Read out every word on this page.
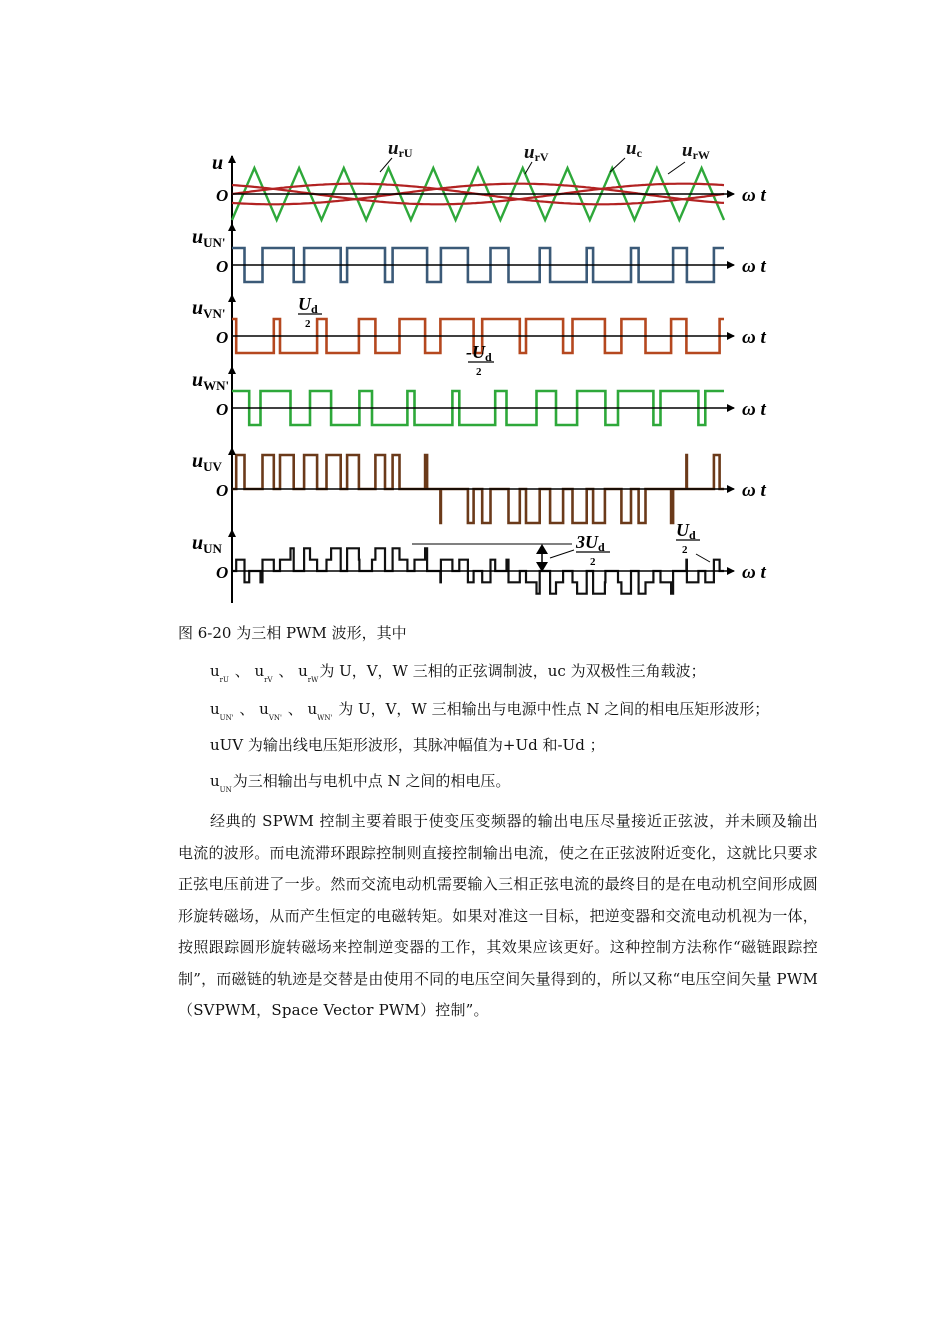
O	ω t
u
O	ω t
$u_{UN'}$
O	ω t
$u_{VN'}$
O	ω t
$u_{WN'}$
O	ω t
$u_{UV}$
O	ω t
$u_{UN}$
urU	urV	uc urW
Ud
2
-Ud
2
3Ud
2
Ud
2
图 6-20 为三相 PWM 波形，其中
$u_{rU}$ 、 $u_{rV}$ 、 $u_{rW}$为 U，V，W 三相的正弦调制波，uc 为双极性三角载波；
$u_{UN'}$ 、 $u_{VN'}$ 、 $u_{WN'}$ 为 U，V，W 三相输出与电源中性点 N 之间的相电压矩形波形；
uUV 为输出线电压矩形波形，其脉冲幅值为+Ud 和-Ud ；
$u_{UN}$为三相输出与电机中点 N 之间的相电压。
经典的 SPWM 控制主要着眼于使变压变频器的输出电压尽量接近正弦波，并未顾及输出电流的波形。而电流滞环跟踪控制则直接控制输出电流，使之在正弦波附近变化，这就比只要求正弦电压前进了一步。然而交流电动机需要输入三相正弦电流的最终目的是在电动机空间形成圆形旋转磁场，从而产生恒定的电磁转矩。如果对准这一目标，把逆变器和交流电动机视为一体，按照跟踪圆形旋转磁场来控制逆变器的工作，其效果应该更好。这种控制方法称作“磁链跟踪控制”，而磁链的轨迹是交替是由使用不同的电压空间矢量得到的，所以又称“电压空间矢量 PWM（SVPWM，Space Vector PWM）控制”。
